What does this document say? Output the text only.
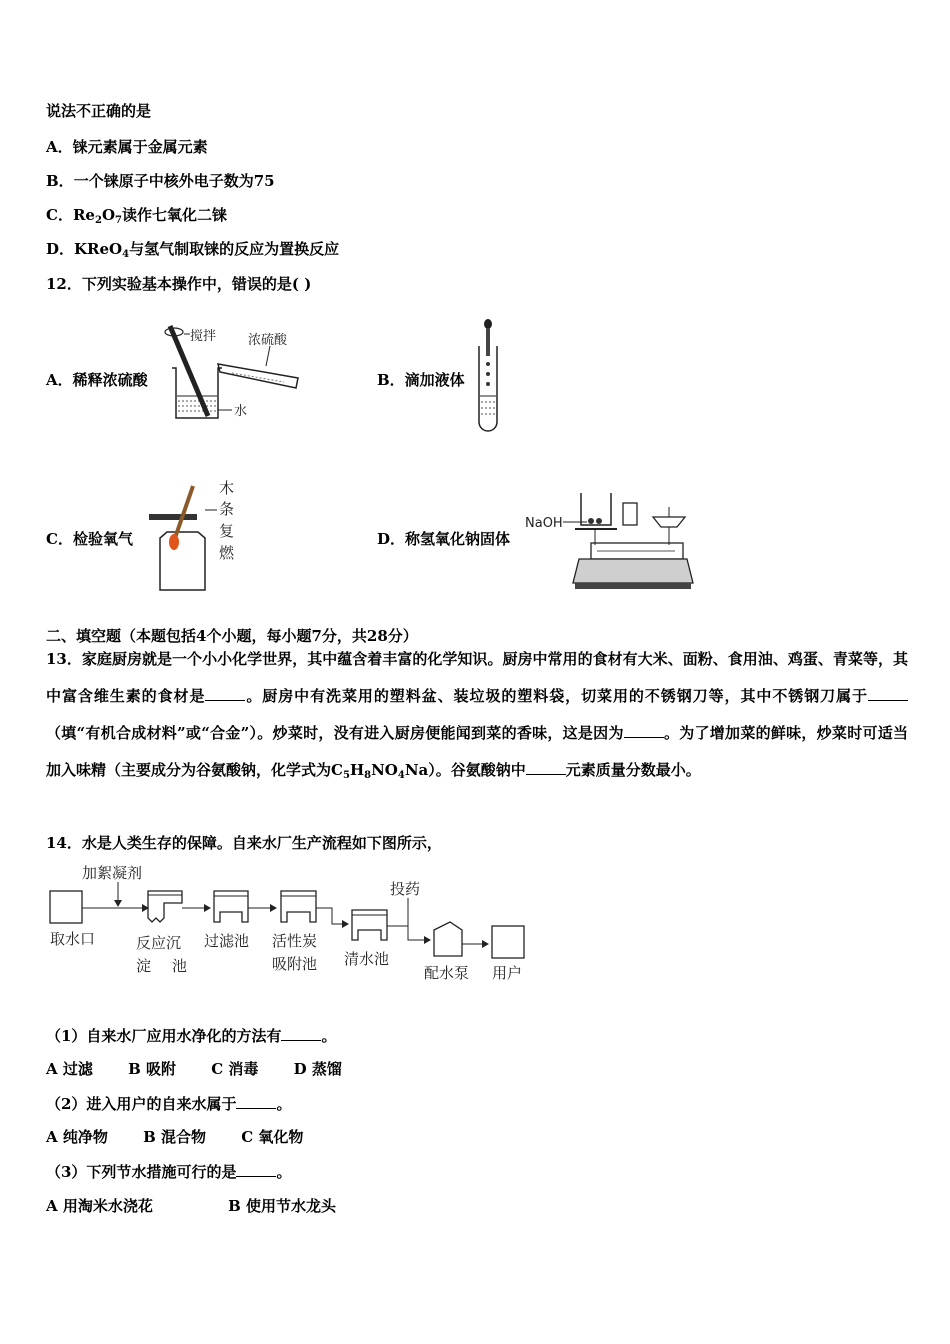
说法不正确的是
A．铼元素属于金属元素
B．一个铼原子中核外电子数为75
C．$Re_2O_7$读作七氧化二铼
D．KReO$_4$与氢气制取铼的反应为置换反应
12．下列实验基本操作中，错误的是( )
A．稀释浓硫酸
搅拌 浓硫酸
水
B．滴加液体
C．检验氧气
木
条
复
燃
D．称氢氧化钠固体
NaOH
二、填空题（本题包括4个小题，每小题7分，共28分）
13．家庭厨房就是一个小小化学世界，其中蕴含着丰富的化学知识。厨房中常用的食材有大米、面粉、食用油、鸡蛋、青菜等，其中富含维生素的食材是	。厨房中有洗菜用的塑料盆、装垃圾的塑料袋，切菜用的不锈钢刀等，其中不锈钢刀属于（填“有机合成材料”或“合金”）。炒菜时，没有进入厨房便能闻到菜的香味，这是因为	。为了增加菜的鲜味，炒菜时可适当加入味精（主要成分为谷氨酸钠，化学式为$C_5H_8NO_4Na$）。谷氨酸钠中	元素质量分数最小。
14．水是人类生存的保障。自来水厂生产流程如下图所示，
加絮凝剂
取水口	反应沉
淀 池
过滤池 活性炭
吸附池 清水池
投药
配水泵 用户
（1）自来水厂应用水净化的方法有	。
A 过滤 B 吸附 C 消毒 D 蒸馏
（2）进入用户的自来水属于	。
A 纯净物 B 混合物 C 氧化物
（3）下列节水措施可行的是	。
A 用淘米水浇花	B 使用节水龙头
